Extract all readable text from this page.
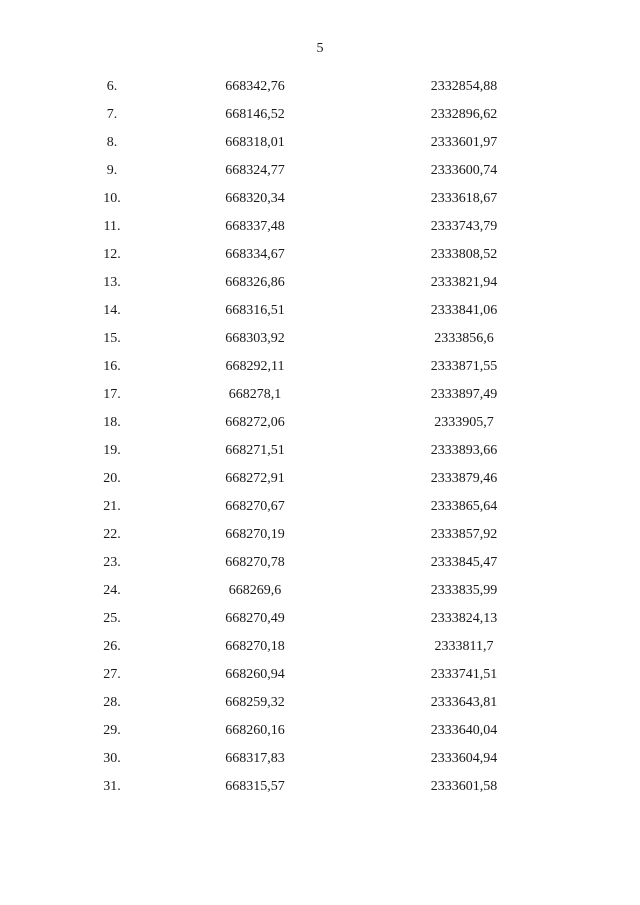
5
6.	668342,76	2332854,88
7.	668146,52	2332896,62
8.	668318,01	2333601,97
9.	668324,77	2333600,74
10.	668320,34	2333618,67
11.	668337,48	2333743,79
12.	668334,67	2333808,52
13.	668326,86	2333821,94
14.	668316,51	2333841,06
15.	668303,92	2333856,6
16.	668292,11	2333871,55
17.	668278,1	2333897,49
18.	668272,06	2333905,7
19.	668271,51	2333893,66
20.	668272,91	2333879,46
21.	668270,67	2333865,64
22.	668270,19	2333857,92
23.	668270,78	2333845,47
24.	668269,6	2333835,99
25.	668270,49	2333824,13
26.	668270,18	2333811,7
27.	668260,94	2333741,51
28.	668259,32	2333643,81
29.	668260,16	2333640,04
30.	668317,83	2333604,94
31.	668315,57	2333601,58
